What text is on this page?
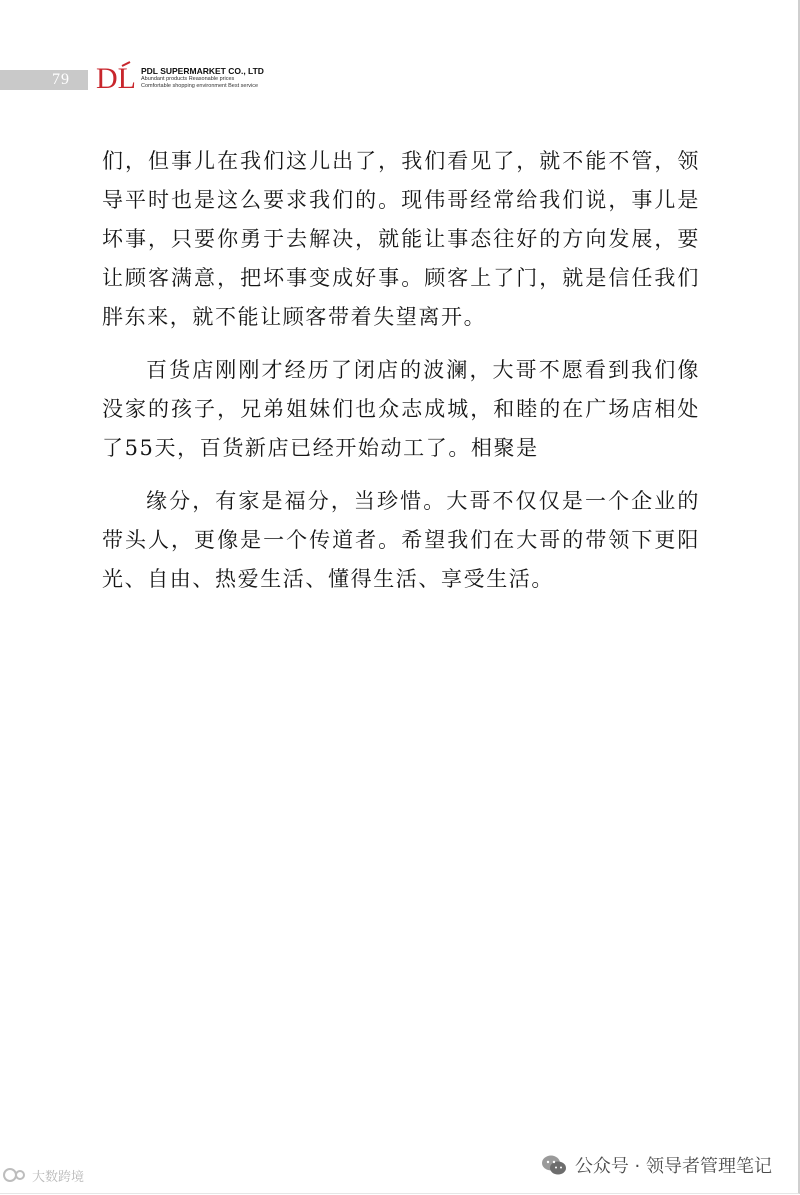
79 DL PDL SUPERMARKET CO., LTD
Abundant products Reasonable prices
Comfortable shopping environment Best service

们，但事儿在我们这儿出了，我们看见了，就不能不管，领导平时也是这么要求我们的。现伟哥经常给我们说，事儿是坏事，只要你勇于去解决，就能让事态往好的方向发展，要让顾客满意，把坏事变成好事。顾客上了门，就是信任我们胖东来，就不能让顾客带着失望离开。

百货店刚刚才经历了闭店的波澜，大哥不愿看到我们像没家的孩子，兄弟姐妹们也众志成城，和睦的在广场店相处了55天，百货新店已经开始动工了。相聚是

缘分，有家是福分，当珍惜。大哥不仅仅是一个企业的带头人，更像是一个传道者。希望我们在大哥的带领下更阳光、自由、热爱生活、懂得生活、享受生活。

大数跨境	公众号 · 领导者管理笔记
